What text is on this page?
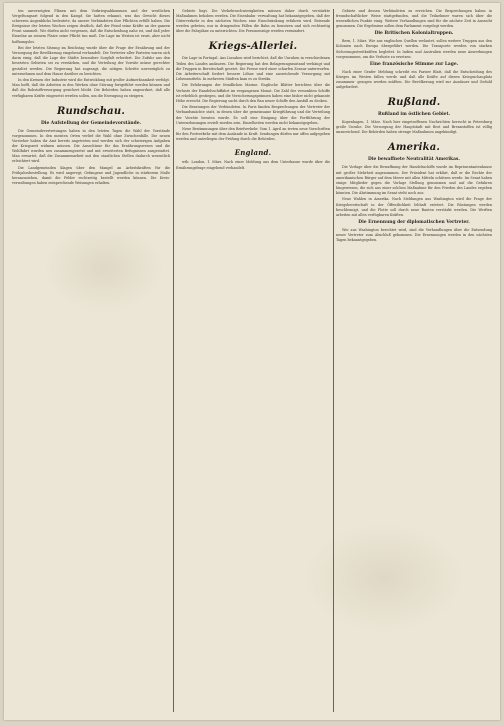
ten unverzeigten Plänen mit dem Vorkriegsabkommen und der westlichen Vergeltungsart folgend in den Kampf. Sie hatten erkannt, was das Gewicht dieses schweren Augenblicks bedeutete, da unsere Verbündeten ihre Pflichten erfüllt haben. Die Ereignisse der letzten Wochen zeigen deutlich, daß der Feind seine Kräfte an der ganzen Front sammelt. Wir dürfen nicht vergessen, daß die Entscheidung nahe ist, und daß jeder Einzelne an seinem Platze seine Pflicht tun muß. Die Lage im Westen ist ernst, aber nicht hoffnungslos.

Bei der letzten Sitzung im Reichstag wurde über die Frage der Ernährung und der Versorgung der Bevölkerung eingehend verhandelt. Die Vertreter aller Parteien waren sich darin einig, daß die Lage der Städte besondere Sorgfalt erfordert. Die Zufuhr aus den besetzten Gebieten sei zu verstärken, und die Verteilung der Vorräte müsse gerechter gestaltet werden. Die Regierung hat zugesagt, die nötigen Schritte unverzüglich zu unternehmen und dem Hause darüber zu berichten.

In den Kreisen der Industrie wird die Entwicklung mit großer Aufmerksamkeit verfolgt. Man hofft, daß die Arbeiten in den Werken ohne Störung fortgeführt werden können und daß die Rohstoffversorgung gesichert bleibt. Die Behörden haben angeordnet, daß alle verfügbaren Kräfte eingesetzt werden sollen, um die Erzeugung zu steigern.

Rundschau.
Die Aufstellung der Gemeindevorstände.

Die Gemeindevertretungen haben in den letzten Tagen die Wahl der Vorstände vorgenommen. In den meisten Orten verlief die Wahl ohne Zwischenfälle. Die neuen Vorsteher haben ihr Amt bereits angetreten und werden sich der schwierigen Aufgaben der Kriegszeit widmen müssen. Die Ausschüsse für das Ernährungswesen und die Wohlfahrt wurden neu zusammengesetzt und mit erweiterten Befugnissen ausgestattet. Man erwartet, daß die Zusammenarbeit mit den staatlichen Stellen dadurch wesentlich erleichtert wird.

Die Landgemeinden klagen über den Mangel an Arbeitskräften für die Frühjahrsbestellung. Es wird angeregt, Gefangene und Jugendliche in stärkerem Maße heranzuziehen, damit die Felder rechtzeitig bestellt werden können. Die Kreis- verwaltungen haben entsprechende Weisungen erhalten.

Gebiete liegt. Die Verkehrsschwierigkeiten müssen daher durch verstärkte Maßnahmen behoben werden. Die Eisenbahn- verwaltung hat bekanntgegeben, daß der Güterverkehr in den nächsten Wochen eine Einschränkung erfahren wird. Reisende werden gebeten, nur in dringenden Fällen die Bahn zu benutzen und sich rechtzeitig über die Fahrpläne zu unterrichten. Die Personenzüge werden vermindert.

Kriegs-Allerlei.

Die Lage in Portugal. Aus Lissabon wird berichtet, daß die Unruhen in verschiedenen Teilen des Landes andauern. Die Regierung hat den Belagerungszustand verhängt und die Truppen in Bereitschaft gesetzt. Die Presse wird einer scharfen Zensur unterworfen. Die Arbeiterschaft fordert bessere Löhne und eine ausreichende Versorgung mit Lebensmitteln. In mehreren Städten kam es zu Streiks.

Die Erfahrungen der feindlichen Marine. Englische Blätter berichten über die Verluste der Handelsschiffahrt im vergangenen Monat. Die Zahl der versenkten Schiffe ist erheblich gestiegen, und die Versicherungsprämien haben eine bisher nicht gekannte Höhe erreicht. Die Regierung sucht durch den Bau neuer Schiffe den Ausfall zu decken.

Die Beratungen der Verbündeten. In Paris fanden Besprechungen der Vertreter der Verbandsmächte statt, in denen über die gemeinsame Kriegführung und die Verteilung der Vorräte beraten wurde. Es soll eine Einigung über die Fortführung der Unternehmungen erzielt worden sein. Einzelheiten werden nicht bekanntgegeben.

Neue Bestimmungen über den Briefverkehr. Vom 1. April an treten neue Vorschriften für den Postverkehr mit dem Auslande in Kraft. Sendungen dürfen nur offen aufgegeben werden und unterliegen der Prüfung durch die Behörden.

England.

wtb. London, 1. März. Nach einer Meldung aus dem Unterhause wurde über die Ernährungsfrage eingehend verhandelt.

Gebiete und dessen Verbündeten zu erreichen. Die Besprechungen haben in freundschaftlicher Weise stattgefunden, und die Teilnehmer waren sich über die wesentlichen Punkte einig. Weitere Verhandlungen sind für die nächste Zeit in Aussicht genommen. Die Ergebnisse sollen dem Parlament vorgelegt werden.

Die Britischen Kolonialtruppen.

Bern, 1. März. Wie aus englischen Quellen verlautet, sollen weitere Truppen aus den Kolonien nach Europa übergeführt werden. Die Transporte werden von starken Sicherungsstreitkräften begleitet. In Indien und Australien werden neue Anwerbungen vorgenommen, um die Verluste zu ersetzen.

Eine französische Stimme zur Lage.

Nach einer Genfer Meldung schreibt ein Pariser Blatt, daß die Entscheidung des Krieges im Westen fallen werde und daß alle Kräfte auf diesen Kriegsschauplatz zusammen- gezogen werden müßten. Die Bevölkerung wird zur Ausdauer und Geduld aufgefordert.

Rußland.
Rußland im östlichen Gebiet.

Kopenhagen, 1. März. Nach hier eingetroffenen Nachrichten herrscht in Petersburg große Unruhe. Die Versorgung der Hauptstadt mit Brot und Brennstoffen ist völlig unzureichend. Die Behörden haben strenge Maßnahmen angekündigt.

Amerika.
Die bewaffnete Neutralität Amerikas.

Die Vorlage über die Bewaffnung der Handelsschiffe wurde im Repräsentantenhause mit großer Mehrheit angenommen. Der Präsident hat erklärt, daß er die Rechte der amerikanischen Bürger auf dem Meere mit allen Mitteln schützen werde. Im Senat haben einige Mitglieder gegen die Vorlage Stellung genommen und auf die Gefahren hingewiesen, die sich aus einer solchen Maßnahme für den Frieden des Landes ergeben könnten. Die Abstimmung im Senat steht noch aus.

Neue Wahlen in Amerika. Nach Meldungen aus Washington wird die Frage der Kriegsbereitschaft in der Öffentlichkeit lebhaft erörtert. Die Rüstungen werden beschleunigt, und die Flotte soll durch neue Bauten verstärkt werden. Die Werften arbeiten mit allen verfügbaren Kräften.

Die Ernennung der diplomatischen Vertreter.

Wie aus Washington berichtet wird, sind die Verhandlungen über die Entsendung neuer Vertreter zum Abschluß gekommen. Die Ernennungen werden in den nächsten Tagen bekanntgegeben.
